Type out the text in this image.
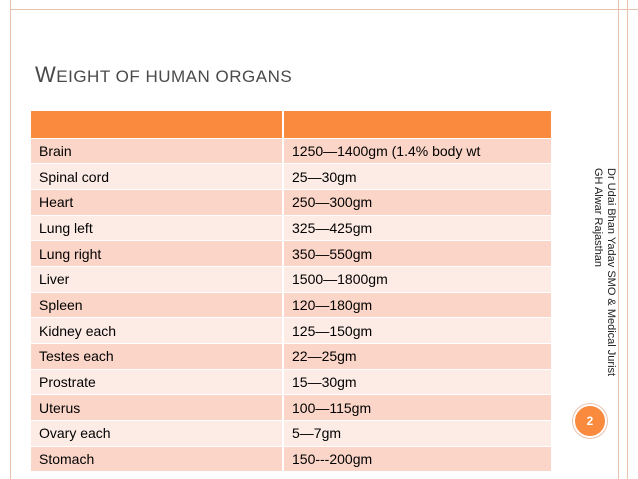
WEIGHT OF HUMAN ORGANS

Brain	1250—1400gm (1.4% body wt
Spinal cord	25—30gm
Heart	250—300gm
Lung left	325—425gm
Lung right	350—550gm
Liver	1500—1800gm
Spleen	120—180gm
Kidney each	125—150gm
Testes each	22—25gm
Prostrate	15—30gm
Uterus	100—115gm
Ovary each	5—7gm
Stomach	150---200gm
Dr Udai Bhan Yadav SMO & Medical Jurist
GH Alwar Rajasthan
2
